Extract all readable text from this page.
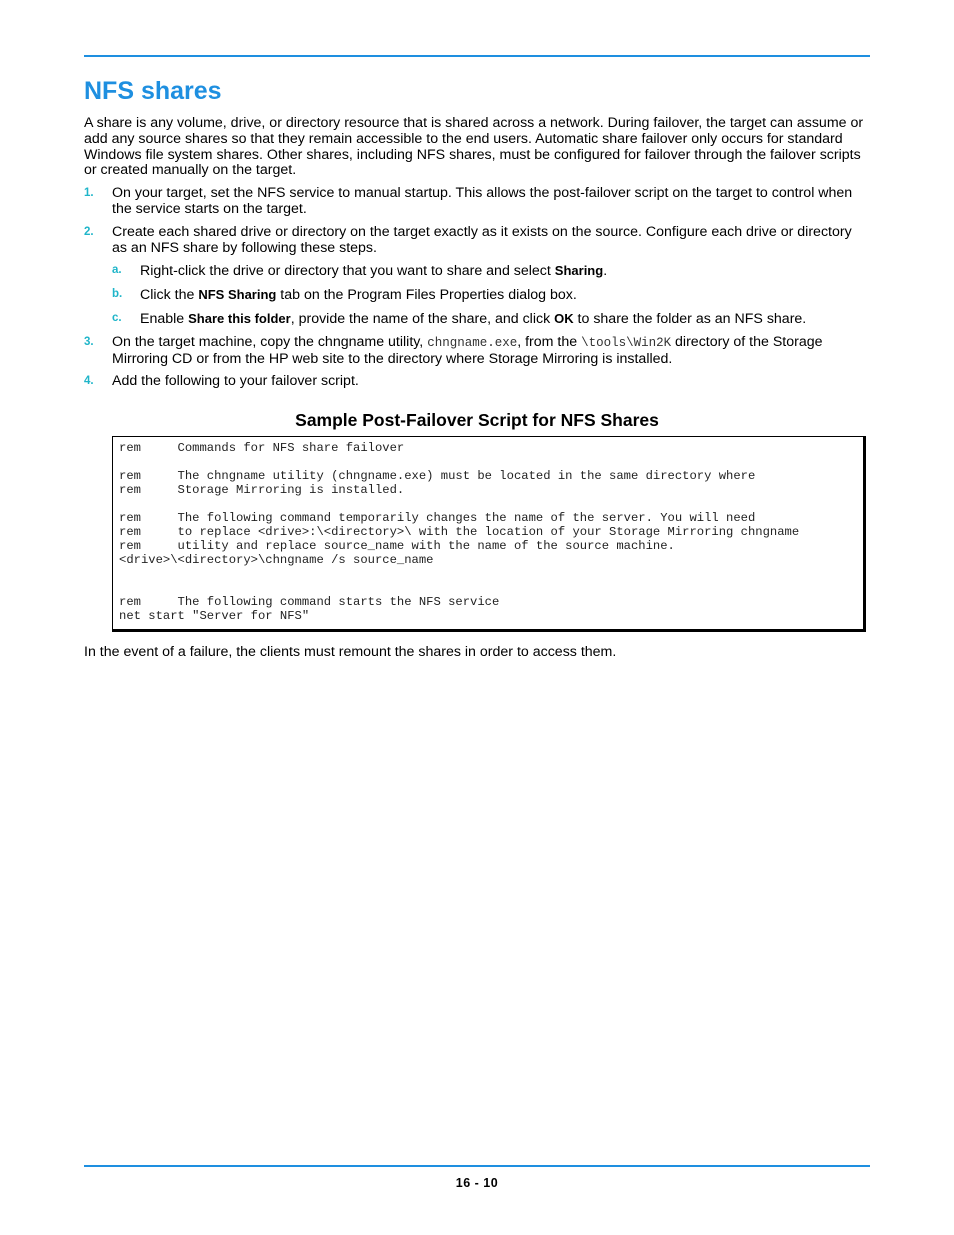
NFS shares

A share is any volume, drive, or directory resource that is shared across a network. During failover, the target can assume or add any source shares so that they remain accessible to the end users. Automatic share failover only occurs for standard Windows file system shares. Other shares, including NFS shares, must be configured for failover through the failover scripts or created manually on the target.

1. On your target, set the NFS service to manual startup. This allows the post-failover script on the target to control when the service starts on the target.
2. Create each shared drive or directory on the target exactly as it exists on the source. Configure each drive or directory as an NFS share by following these steps.
a. Right-click the drive or directory that you want to share and select Sharing.
b. Click the NFS Sharing tab on the Program Files Properties dialog box.
c. Enable Share this folder, provide the name of the share, and click OK to share the folder as an NFS share.
3. On the target machine, copy the chngname utility, chngname.exe, from the \tools\Win2K directory of the Storage Mirroring CD or from the HP web site to the directory where Storage Mirroring is installed.
4. Add the following to your failover script.
Sample Post-Failover Script for NFS Shares
rem     Commands for NFS share failover

rem     The chngname utility (chngname.exe) must be located in the same directory where
rem     Storage Mirroring is installed.

rem     The following command temporarily changes the name of the server. You will need
rem     to replace <drive>:\<directory>\ with the location of your Storage Mirroring chngname
rem     utility and replace source_name with the name of the source machine.
<drive>\<directory>\chngname /s source_name

rem     The following command starts the NFS service
net start "Server for NFS"

In the event of a failure, the clients must remount the shares in order to access them.

16 - 10
